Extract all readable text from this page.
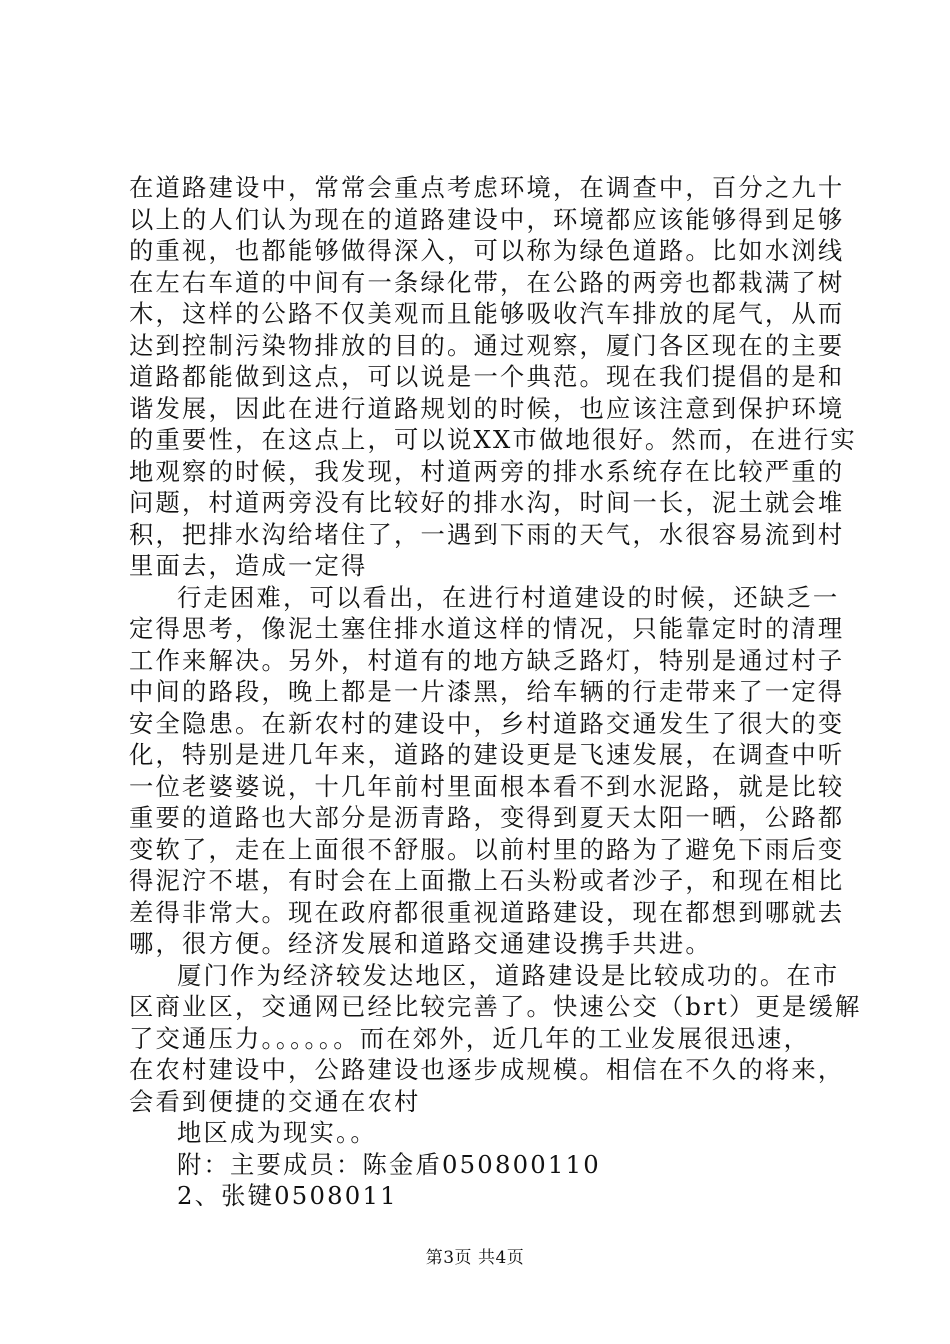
在道路建设中，常常会重点考虑环境，在调查中，百分之九十
以上的人们认为现在的道路建设中，环境都应该能够得到足够
的重视，也都能够做得深入，可以称为绿色道路。比如水浏线
在左右车道的中间有一条绿化带，在公路的两旁也都栽满了树
木，这样的公路不仅美观而且能够吸收汽车排放的尾气，从而
达到控制污染物排放的目的。通过观察，厦门各区现在的主要
道路都能做到这点，可以说是一个典范。现在我们提倡的是和
谐发展，因此在进行道路规划的时候，也应该注意到保护环境
的重要性，在这点上，可以说XX市做地很好。然而，在进行实
地观察的时候，我发现，村道两旁的排水系统存在比较严重的
问题，村道两旁没有比较好的排水沟，时间一长，泥土就会堆
积，把排水沟给堵住了，一遇到下雨的天气，水很容易流到村
里面去，造成一定得
行走困难，可以看出，在进行村道建设的时候，还缺乏一
定得思考，像泥土塞住排水道这样的情况，只能靠定时的清理
工作来解决。另外，村道有的地方缺乏路灯，特别是通过村子
中间的路段，晚上都是一片漆黑，给车辆的行走带来了一定得
安全隐患。在新农村的建设中，乡村道路交通发生了很大的变
化，特别是进几年来，道路的建设更是飞速发展，在调查中听
一位老婆婆说，十几年前村里面根本看不到水泥路，就是比较
重要的道路也大部分是沥青路，变得到夏天太阳一晒，公路都
变软了，走在上面很不舒服。以前村里的路为了避免下雨后变
得泥泞不堪，有时会在上面撒上石头粉或者沙子，和现在相比
差得非常大。现在政府都很重视道路建设，现在都想到哪就去
哪，很方便。经济发展和道路交通建设携手共进。
厦门作为经济较发达地区，道路建设是比较成功的。在市
区商业区，交通网已经比较完善了。快速公交（brt）更是缓解
了交通压力。。。。。。而在郊外，近几年的工业发展很迅速，
在农村建设中，公路建设也逐步成规模。相信在不久的将来，
会看到便捷的交通在农村
地区成为现实。。
附：主要成员：陈金盾050800110
2、张键0508011
第3页 共4页
